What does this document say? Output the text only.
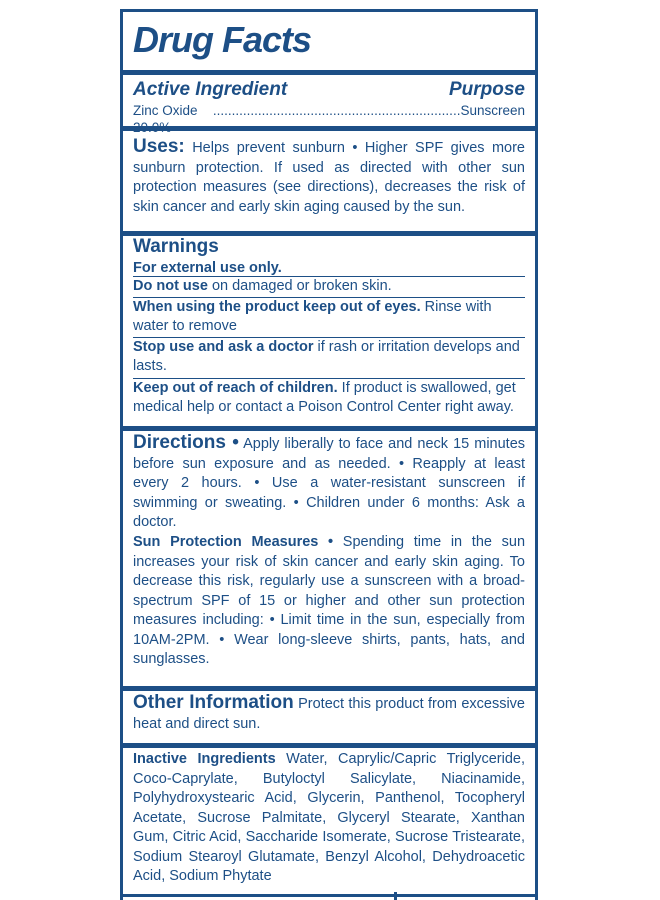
Drug Facts
Active Ingredient	Purpose
Zinc Oxide	.................................................................. Sunscreen
Uses: Helps prevent sunburn • Higher SPF gives more sunburn protection. If used as directed with other sun protection measures (see directions), decreases the risk of skin cancer and early skin aging caused by the sun.
Warnings
For external use only.
Do not use on damaged or broken skin.
When using the product keep out of eyes. Rinse with water to remove
Stop use and ask a doctor if rash or irritation develops and lasts.
Keep out of reach of children. If product is swallowed, get medical help or contact a Poison Control Center right away.
Directions • Apply liberally to face and neck 15 minutes before sun exposure and as needed. • Reapply at least every 2 hours. • Use a water-resistant sunscreen if swimming or sweating. • Children under 6 months: Ask a doctor.
Sun Protection Measures • Spending time in the sun increases your risk of skin cancer and early skin aging. To decrease this risk, regularly use a sunscreen with a broad-spectrum SPF of 15 or higher and other sun protection measures including: • Limit time in the sun, especially from 10AM-2PM. • Wear long-sleeve shirts, pants, hats, and sunglasses.
Other Information Protect this product from excessive heat and direct sun.
Inactive Ingredients Water, Caprylic/Capric Triglyceride, Coco-Caprylate, Butyloctyl Salicylate, Niacinamide, Polyhydroxystearic Acid, Glycerin, Panthenol, Tocopheryl Acetate, Sucrose Palmitate, Glyceryl Stearate, Xanthan Gum, Citric Acid, Saccharide Isomerate, Sucrose Tristearate, Sodium Stearoyl Glutamate, Benzyl Alcohol, Dehydroacetic Acid, Sodium Phytate
